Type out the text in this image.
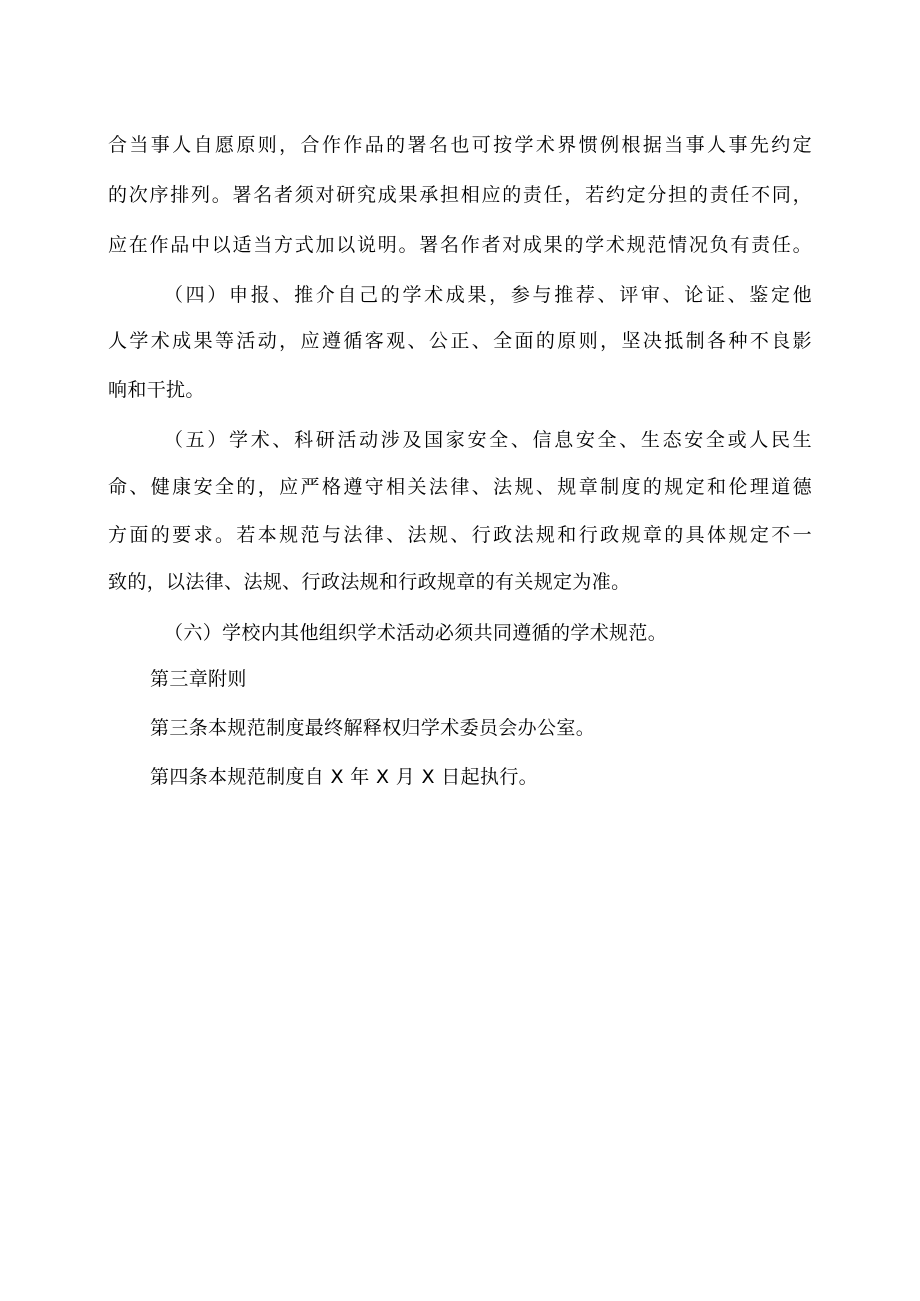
合当事人自愿原则，合作作品的署名也可按学术界惯例根据当事人事先约定
的次序排列。署名者须对研究成果承担相应的责任，若约定分担的责任不同，
应在作品中以适当方式加以说明。署名作者对成果的学术规范情况负有责任。
（四）申报、推介自己的学术成果，参与推荐、评审、论证、鉴定他
人学术成果等活动，应遵循客观、公正、全面的原则，坚决抵制各种不良影
响和干扰。
（五）学术、科研活动涉及国家安全、信息安全、生态安全或人民生
命、健康安全的，应严格遵守相关法律、法规、规章制度的规定和伦理道德
方面的要求。若本规范与法律、法规、行政法规和行政规章的具体规定不一
致的，以法律、法规、行政法规和行政规章的有关规定为准。
（六）学校内其他组织学术活动必须共同遵循的学术规范。
第三章附则
第三条本规范制度最终解释权归学术委员会办公室。
第四条本规范制度自 X 年 X 月 X 日起执行。
